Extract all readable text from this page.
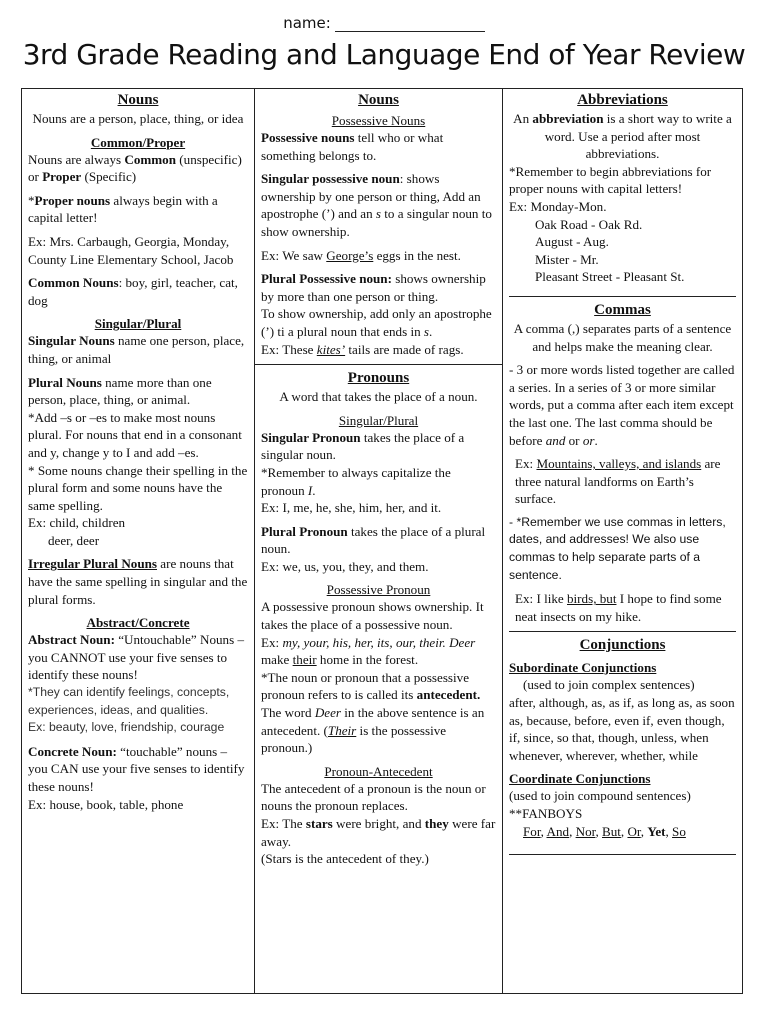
name:
3rd Grade Reading and Language End of Year Review
Nouns

Nouns are a person, place, thing, or idea

Common/Proper

Nouns are always Common (unspecific) or Proper (Specific)

*Proper nouns always begin with a capital letter!

Ex: Mrs. Carbaugh, Georgia, Monday, County Line Elementary School, Jacob

Common Nouns: boy, girl, teacher, cat, dog

Singular/Plural

Singular Nouns name one person, place, thing, or animal

Plural Nouns name more than one person, place, thing, or animal.

*Add –s or –es to make most nouns plural. For nouns that end in a consonant and y, change y to I and add –es.

* Some nouns change their spelling in the plural form and some nouns have the same spelling.

Ex: child, children

deer, deer

Irregular Plural Nouns are nouns that have the same spelling in singular and the plural forms.

Abstract/Concrete

Abstract Noun: “Untouchable” Nouns – you CANNOT use your five senses to identify these nouns!

*They can identify feelings, concepts, experiences, ideas, and qualities.

Ex: beauty, love, friendship, courage

Concrete Noun: “touchable” nouns – you CAN use your five senses to identify these nouns!

Ex: house, book, table, phone

Nouns
Possessive Nouns

Possessive nouns tell who or what something belongs to.

Singular possessive noun: shows ownership by one person or thing, Add an apostrophe (’) and an s to a singular noun to show ownership.

Ex: We saw George’s eggs in the nest.

Plural Possessive noun: shows ownership by more than one person or thing.

To show ownership, add only an apostrophe (’) ti a plural noun that ends in s.

Ex: These kites’ tails are made of rags.

Pronouns

A word that takes the place of a noun.

Singular/Plural

Singular Pronoun takes the place of a singular noun.

*Remember to always capitalize the pronoun I.

Ex: I, me, he, she, him, her, and it.

Plural Pronoun takes the place of a plural noun.

Ex: we, us, you, they, and them.

Possessive Pronoun

A possessive pronoun shows ownership. It takes the place of a possessive noun.

Ex: my, your, his, her, its, our, their. Deer make their home in the forest.

*The noun or pronoun that a possessive pronoun refers to is called its antecedent. The word Deer in the above sentence is an antecedent. (Their is the possessive pronoun.)

Pronoun-Antecedent

The antecedent of a pronoun is the noun or nouns the pronoun replaces.

Ex: The stars were bright, and they were far away.

(Stars is the antecedent of they.)

Abbreviations

An abbreviation is a short way to write a word. Use a period after most abbreviations.

*Remember to begin abbreviations for proper nouns with capital letters!

Ex: Monday-Mon.

Oak Road - Oak Rd.

August - Aug.

Mister - Mr.

Pleasant Street - Pleasant St.

Commas

A comma (,) separates parts of a sentence and helps make the meaning clear.

- 3 or more words listed together are called a series. In a series of 3 or more similar words, put a comma after each item except the last one. The last comma should be before and or or.

Ex: Mountains, valleys, and islands are three natural landforms on Earth’s surface.

- *Remember we use commas in letters, dates, and addresses! We also use commas to help separate parts of a sentence.

Ex: I like birds, but I hope to find some neat insects on my hike.

Conjunctions
Subordinate Conjunctions

(used to join complex sentences)

after, although, as, as if, as long as, as soon as, because, before, even if, even though, if, since, so that, though, unless, when whenever, wherever, whether, while

Coordinate Conjunctions

(used to join compound sentences)

**FANBOYS

For, And, Nor, But, Or, Yet, So
